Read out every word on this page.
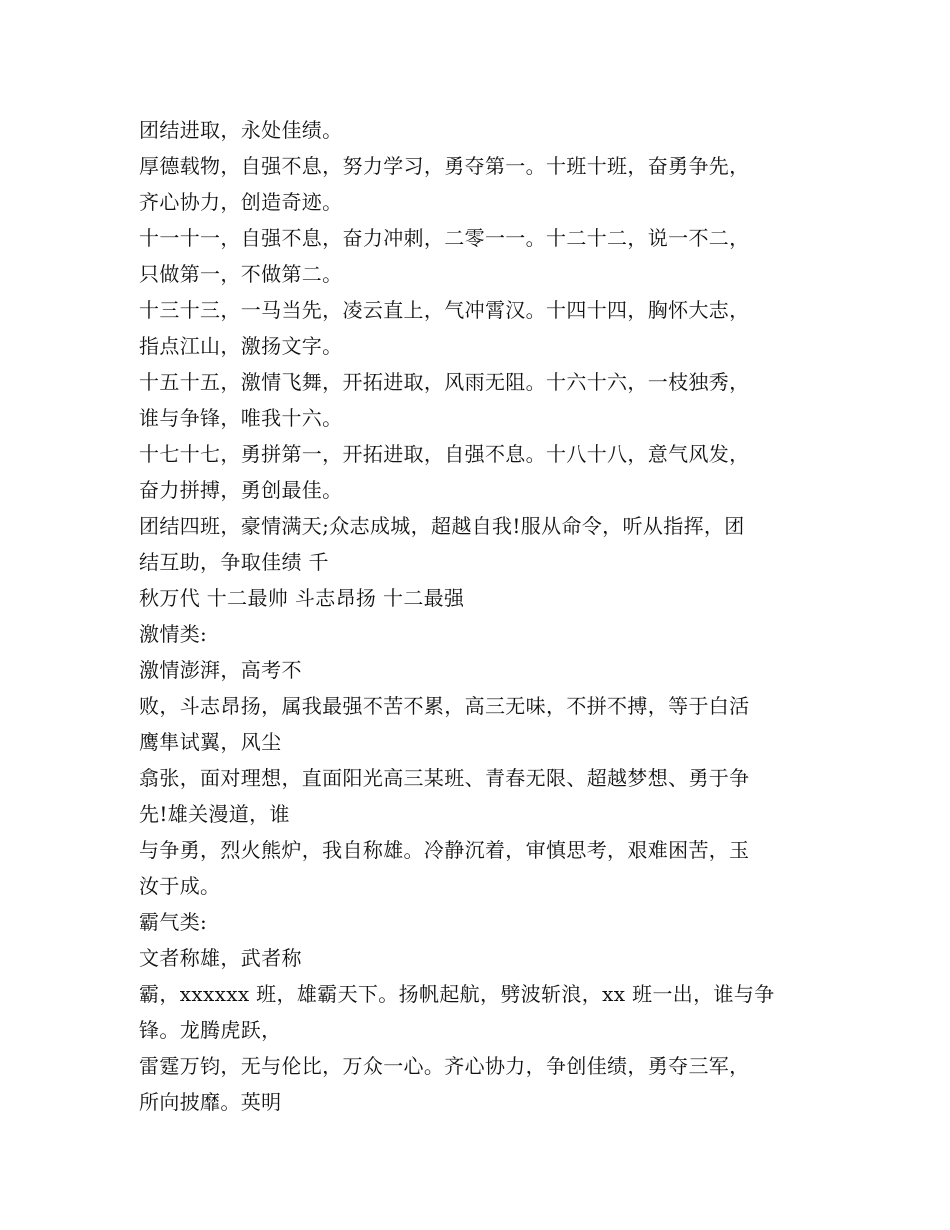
团结进取，永处佳绩。
厚德载物，自强不息，努力学习，勇夺第一。十班十班，奋勇争先，
齐心协力，创造奇迹。
十一十一，自强不息，奋力冲刺，二零一一。十二十二，说一不二，
只做第一，不做第二。
十三十三，一马当先，凌云直上，气冲霄汉。十四十四，胸怀大志，
指点江山，激扬文字。
十五十五，激情飞舞，开拓进取，风雨无阻。十六十六，一枝独秀，
谁与争锋，唯我十六。
十七十七，勇拼第一，开拓进取，自强不息。十八十八，意气风发，
奋力拼搏，勇创最佳。
团结四班，豪情满天;众志成城，超越自我!服从命令，听从指挥，团
结互助，争取佳绩 千
秋万代 十二最帅 斗志昂扬 十二最强
激情类:
激情澎湃，高考不
败，斗志昂扬，属我最强不苦不累，高三无味，不拼不搏，等于白活
鹰隼试翼，风尘
翕张，面对理想，直面阳光高三某班、青春无限、超越梦想、勇于争
先!雄关漫道，谁
与争勇，烈火熊炉，我自称雄。冷静沉着，审慎思考，艰难困苦，玉
汝于成。
霸气类:
文者称雄，武者称
霸，xxxxxx 班，雄霸天下。扬帆起航，劈波斩浪，xx 班一出，谁与争
锋。龙腾虎跃，
雷霆万钧，无与伦比，万众一心。齐心协力，争创佳绩，勇夺三军，
所向披靡。英明
